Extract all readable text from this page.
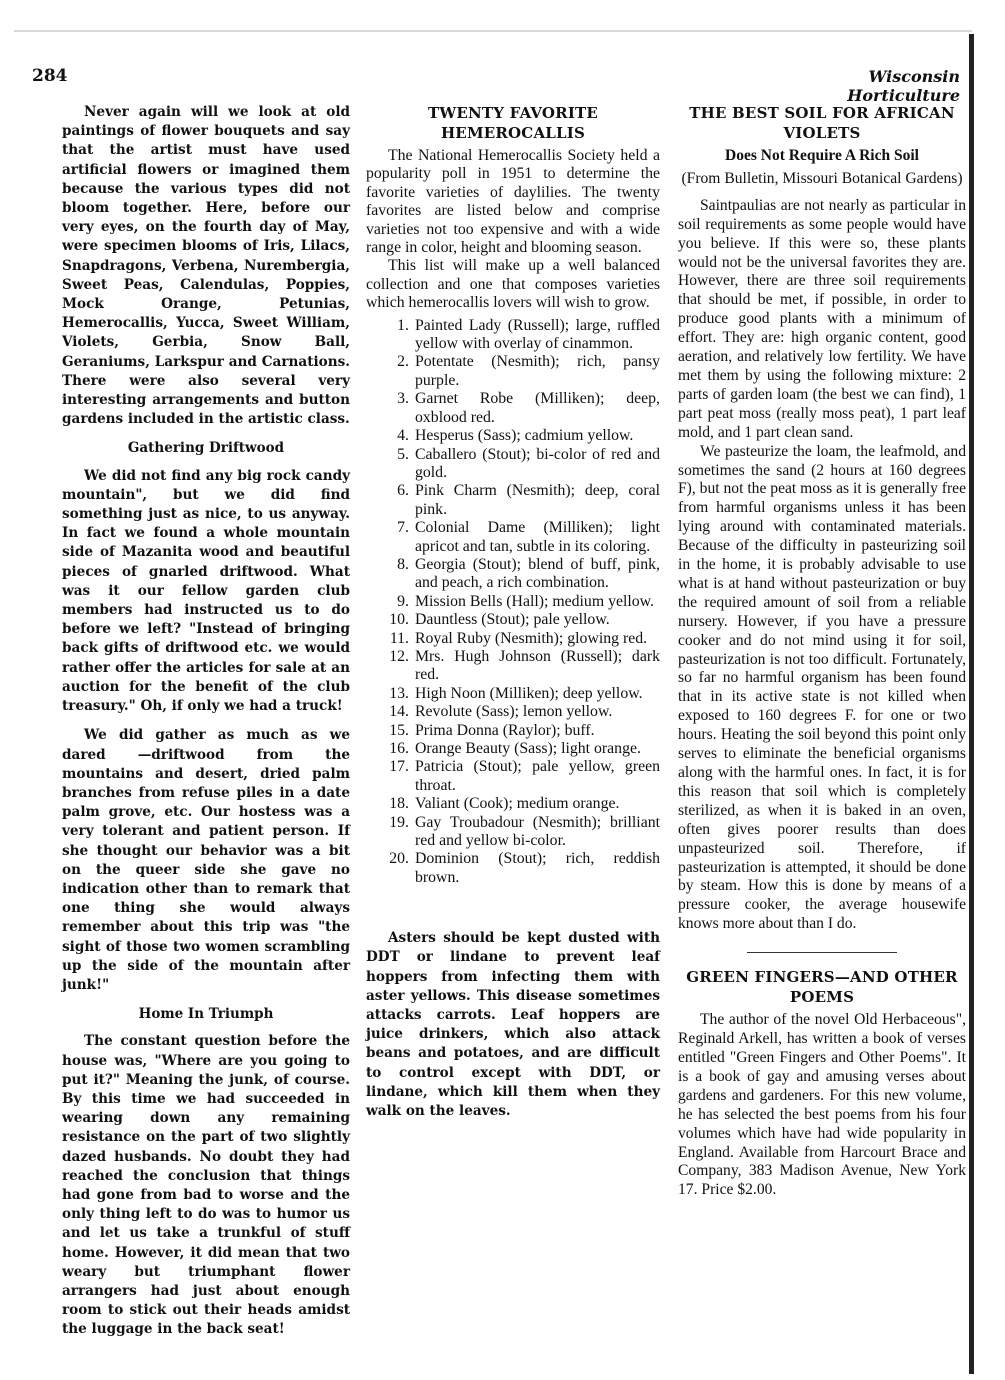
284	Wisconsin Horticulture

Never again will we look at old paintings of flower bouquets and say that the artist must have used artificial flowers or imagined them because the various types did not bloom together. Here, before our very eyes, on the fourth day of May, were specimen blooms of Iris, Lilacs, Snapdragons, Verbena, Nurembergia, Sweet Peas, Calendulas, Poppies, Mock Orange, Petunias, Hemerocallis, Yucca, Sweet William, Violets, Gerbia, Snow Ball, Geraniums, Larkspur and Carnations. There were also several very interesting arrangements and button gardens included in the artistic class.

Gathering Driftwood

We did not find any big rock candy mountain", but we did find something just as nice, to us anyway. In fact we found a whole mountain side of Mazanita wood and beautiful pieces of gnarled driftwood. What was it our fellow garden club members had instructed us to do before we left? "Instead of bringing back gifts of driftwood etc. we would rather offer the articles for sale at an auction for the benefit of the club treasury." Oh, if only we had a truck!

We did gather as much as we dared —driftwood from the mountains and desert, dried palm branches from refuse piles in a date palm grove, etc. Our hostess was a very tolerant and patient person. If she thought our behavior was a bit on the queer side she gave no indication other than to remark that one thing she would always remember about this trip was "the sight of those two women scrambling up the side of the mountain after junk!"

Home In Triumph

The constant question before the house was, "Where are you going to put it?" Meaning the junk, of course. By this time we had succeeded in wearing down any remaining resistance on the part of two slightly dazed husbands. No doubt they had reached the conclusion that things had gone from bad to worse and the only thing left to do was to humor us and let us take a trunkful of stuff home. However, it did mean that two weary but triumphant flower arrangers had just about enough room to stick out their heads amidst the luggage in the back seat!

TWENTY FAVORITE HEMEROCALLIS

The National Hemerocallis Society held a popularity poll in 1951 to determine the favorite varieties of daylilies. The twenty favorites are listed below and comprise varieties not too expensive and with a wide range in color, height and blooming season.

This list will make up a well balanced collection and one that composes varieties which hemerocallis lovers will wish to grow.

1. Painted Lady (Russell); large, ruffled yellow with overlay of cinammon.
2. Potentate (Nesmith); rich, pansy purple.
3. Garnet Robe (Milliken); deep, oxblood red.
4. Hesperus (Sass); cadmium yellow.
5. Caballero (Stout); bi-color of red and gold.
6. Pink Charm (Nesmith); deep, coral pink.
7. Colonial Dame (Milliken); light apricot and tan, subtle in its coloring.
8. Georgia (Stout); blend of buff, pink, and peach, a rich combination.
9. Mission Bells (Hall); medium yellow.
10. Dauntless (Stout); pale yellow.
11. Royal Ruby (Nesmith); glowing red.
12. Mrs. Hugh Johnson (Russell); dark red.
13. High Noon (Milliken); deep yellow.
14. Revolute (Sass); lemon yellow.
15. Prima Donna (Raylor); buff.
16. Orange Beauty (Sass); light orange.
17. Patricia (Stout); pale yellow, green throat.
18. Valiant (Cook); medium orange.
19. Gay Troubadour (Nesmith); brilliant red and yellow bi-color.
20. Dominion (Stout); rich, reddish brown.

Asters should be kept dusted with DDT or lindane to prevent leaf hoppers from infecting them with aster yellows. This disease sometimes attacks carrots. Leaf hoppers are juice drinkers, which also attack beans and potatoes, and are difficult to control except with DDT, or lindane, which kill them when they walk on the leaves.

THE BEST SOIL FOR AFRICAN VIOLETS
Does Not Require A Rich Soil
(From Bulletin, Missouri Botanical Gardens)

Saintpaulias are not nearly as particular in soil requirements as some people would have you believe. If this were so, these plants would not be the universal favorites they are. However, there are three soil requirements that should be met, if possible, in order to produce good plants with a minimum of effort. They are: high organic content, good aeration, and relatively low fertility. We have met them by using the following mixture: 2 parts of garden loam (the best we can find), 1 part peat moss (really moss peat), 1 part leaf mold, and 1 part clean sand.

We pasteurize the loam, the leafmold, and sometimes the sand (2 hours at 160 degrees F), but not the peat moss as it is generally free from harmful organisms unless it has been lying around with contaminated materials. Because of the difficulty in pasteurizing soil in the home, it is probably advisable to use what is at hand without pasteurization or buy the required amount of soil from a reliable nursery. However, if you have a pressure cooker and do not mind using it for soil, pasteurization is not too difficult. Fortunately, so far no harmful organism has been found that in its active state is not killed when exposed to 160 degrees F. for one or two hours. Heating the soil beyond this point only serves to eliminate the beneficial organisms along with the harmful ones. In fact, it is for this reason that soil which is completely sterilized, as when it is baked in an oven, often gives poorer results than does unpasteurized soil. Therefore, if pasteurization is attempted, it should be done by steam. How this is done by means of a pressure cooker, the average housewife knows more about than I do.

GREEN FINGERS—AND OTHER POEMS

The author of the novel Old Herbaceous", Reginald Arkell, has written a book of verses entitled "Green Fingers and Other Poems". It is a book of gay and amusing verses about gardens and gardeners. For this new volume, he has selected the best poems from his four volumes which have had wide popularity in England. Available from Harcourt Brace and Company, 383 Madison Avenue, New York 17. Price $2.00.
